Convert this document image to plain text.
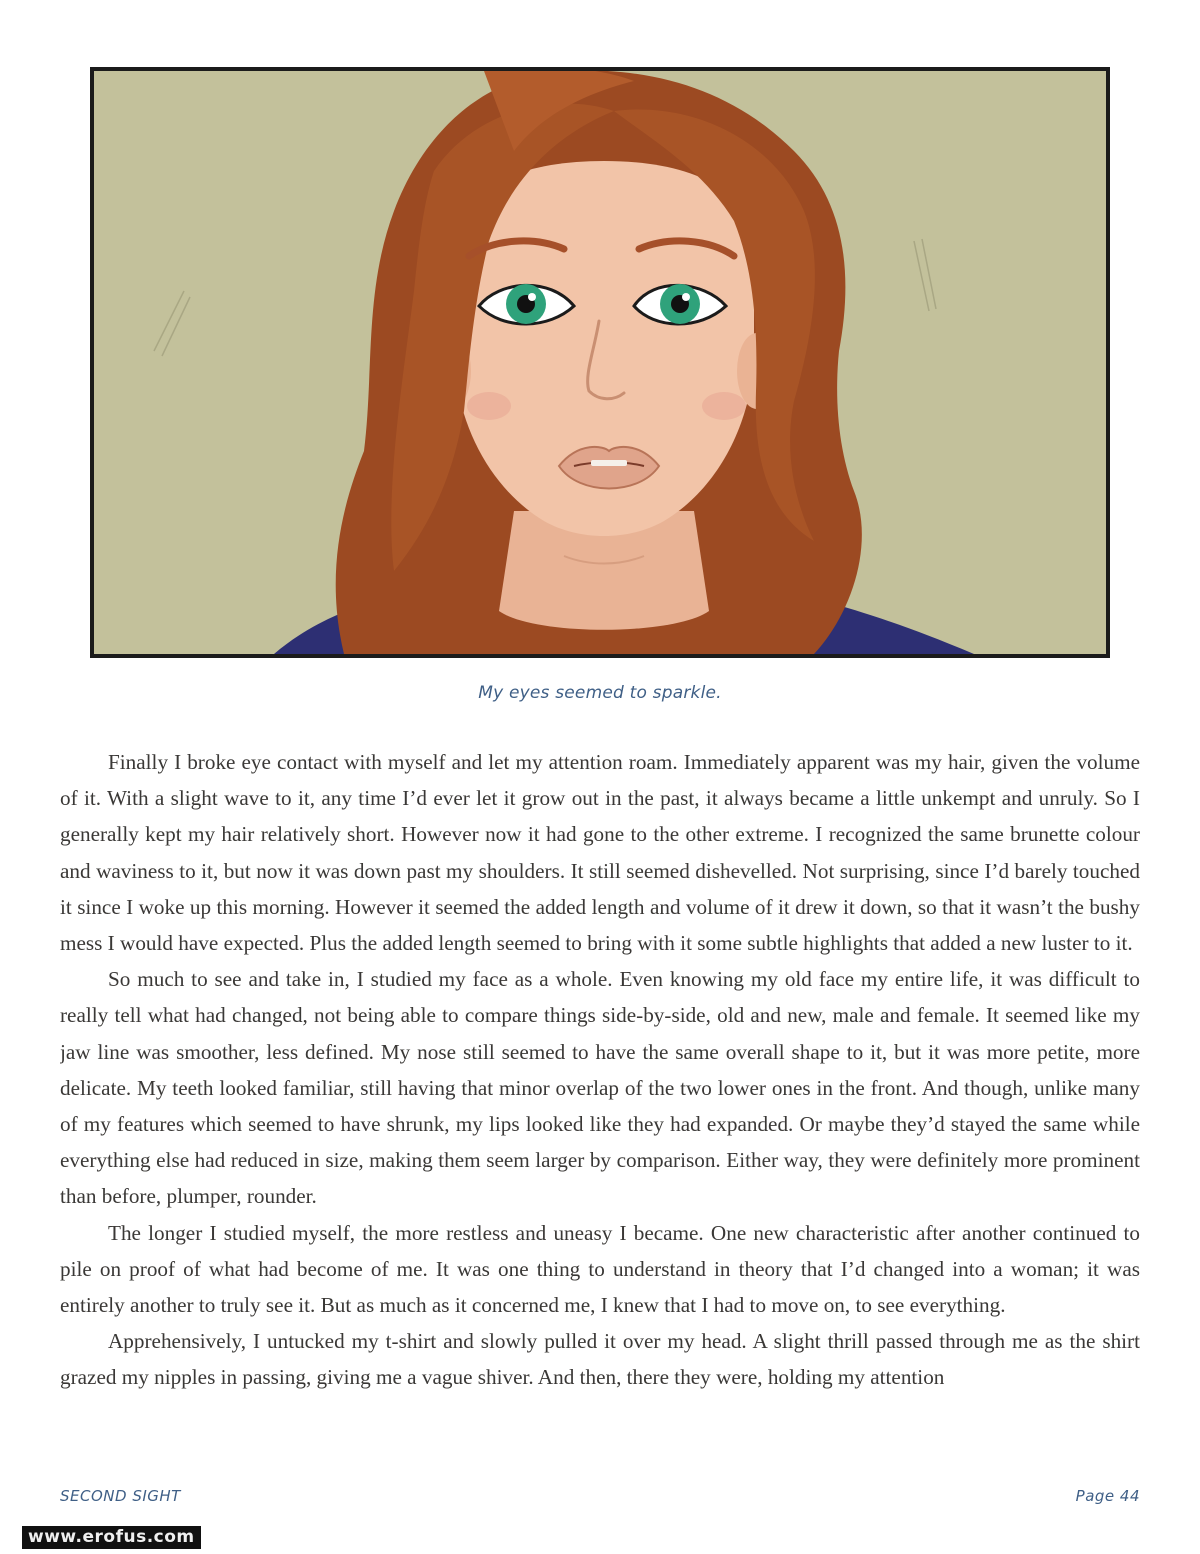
My eyes seemed to sparkle.

Finally I broke eye contact with myself and let my attention roam. Immediately apparent was my hair, given the volume of it. With a slight wave to it, any time I’d ever let it grow out in the past, it always became a little unkempt and unruly. So I generally kept my hair relatively short. However now it had gone to the other extreme. I recognized the same brunette colour and waviness to it, but now it was down past my shoulders. It still seemed dishevelled. Not surprising, since I’d barely touched it since I woke up this morning. However it seemed the added length and volume of it drew it down, so that it wasn’t the bushy mess I would have expected. Plus the added length seemed to bring with it some subtle highlights that added a new luster to it.

So much to see and take in, I studied my face as a whole. Even knowing my old face my entire life, it was difficult to really tell what had changed, not being able to compare things side-by-side, old and new, male and female. It seemed like my jaw line was smoother, less defined. My nose still seemed to have the same overall shape to it, but it was more petite, more delicate. My teeth looked familiar, still having that minor overlap of the two lower ones in the front. And though, unlike many of my features which seemed to have shrunk, my lips looked like they had expanded. Or maybe they’d stayed the same while everything else had reduced in size, making them seem larger by comparison. Either way, they were definitely more prominent than before, plumper, rounder.

The longer I studied myself, the more restless and uneasy I became. One new characteristic after another continued to pile on proof of what had become of me. It was one thing to understand in theory that I’d changed into a woman; it was entirely another to truly see it. But as much as it concerned me, I knew that I had to move on, to see everything.

Apprehensively, I untucked my t-shirt and slowly pulled it over my head. A slight thrill passed through me as the shirt grazed my nipples in passing, giving me a vague shiver. And then, there they were, holding my attention

SECOND SIGHT	Page 44
www.erofus.com
